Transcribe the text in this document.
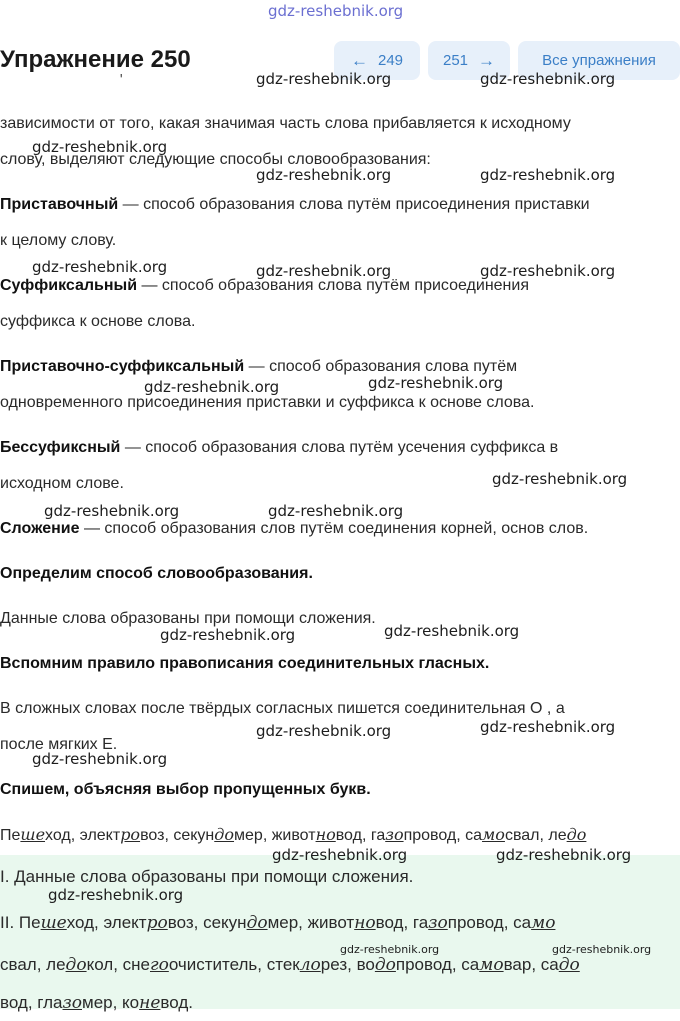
gdz-reshebnik.org
Упражнение 250	← 249	251 →	Все упражнения
'
зависимости от того, какая значимая часть слова прибавляется к исходному
слову, выделяют следующие способы словообразования:
Приставочный — способ образования слова путём присоединения приставки
к целому слову.
Суффиксальный — способ образования слова путём присоединения
суффикса к основе слова.
Приставочно-суффиксальный — способ образования слова путём
одновременного присоединения приставки и суффикса к основе слова.
Бессуфиксный — способ образования слова путём усечения суффикса в
исходном слове.
Сложение — способ образования слов путём соединения корней, основ слов.
Определим способ словообразования.
Данные слова образованы при помощи сложения.
Вспомним правило правописания соединительных гласных.
В сложных словах после твёрдых согласных пишется соединительная О , а
после мягких Е.
Спишем, объясняя выбор пропущенных букв.
Пешеход, электровоз, секундомер, животновод, газопровод, самосвал, ледо
I. Данные слова образованы при помощи сложения.
II. Пешеход, электровоз, секундомер, животновод, газопровод, само
свал, ледокол, снегоочиститель, стеклорез, водопровод, самовар, садо
вод, глазомер, коневод.
gdz-reshebnik.org	gdz-reshebnik.org
gdz-reshebnik.org
gdz-reshebnik.org	gdz-reshebnik.org
gdz-reshebnik.org	gdz-reshebnik.org	gdz-reshebnik.org
gdz-reshebnik.org	gdz-reshebnik.org
gdz-reshebnik.org
gdz-reshebnik.org	gdz-reshebnik.org
gdz-reshebnik.org	gdz-reshebnik.org
gdz-reshebnik.org	gdz-reshebnik.org
gdz-reshebnik.org
gdz-reshebnik.org	gdz-reshebnik.org
gdz-reshebnik.org
gdz-reshebnik.org	gdz-reshebnik.org
